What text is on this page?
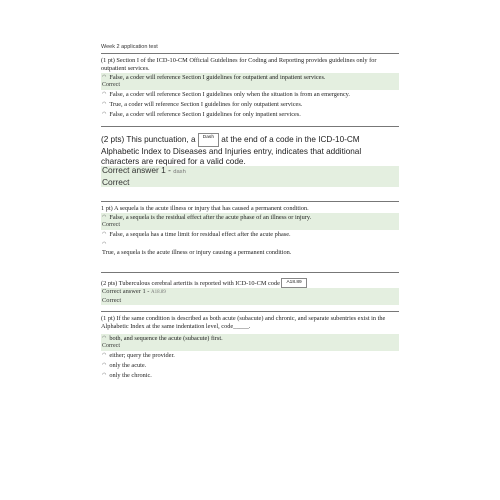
Week 2 application test
(1 pt) Section I of the ICD-10-CM Official Guidelines for Coding and Reporting provides guidelines only for outpatient services.
◠ False, a coder will reference Section I guidelines for outpatient and inpatient services.
Correct
◠ False, a coder will reference Section I guidelines only when the situation is from an emergency.
◠ True, a coder will reference Section I guidelines for only outpatient services.
◠ False, a coder will reference Section I guidelines for only inpatient services.
(2 pts) This punctuation, a Dash at the end of a code in the ICD-10-CM Alphabetic Index to Diseases and Injuries entry, indicates that additional characters are required for a valid code.
Correct answer 1 - dash
Correct
1 pt) A sequela is the acute illness or injury that has caused a permanent condition.
◠ False, a sequela is the residual effect after the acute phase of an illness or injury.
Correct
◠ False, a sequela has a time limit for residual effect after the acute phase.
◠
True, a sequela is the acute illness or injury causing a permanent condition.
(2 pts) Tuberculous cerebral arteritis is reported with ICD-10-CM code A18.89
Correct answer 1 - A18.89
Correct
(1 pt) If the same condition is described as both acute (subacute) and chronic, and separate subentries exist in the Alphabetic Index at the same indentation level, code_____.
◠ both, and sequence the acute (subacute) first.
Correct
◠ either; query the provider.
◠ only the acute.
◠ only the chronic.
